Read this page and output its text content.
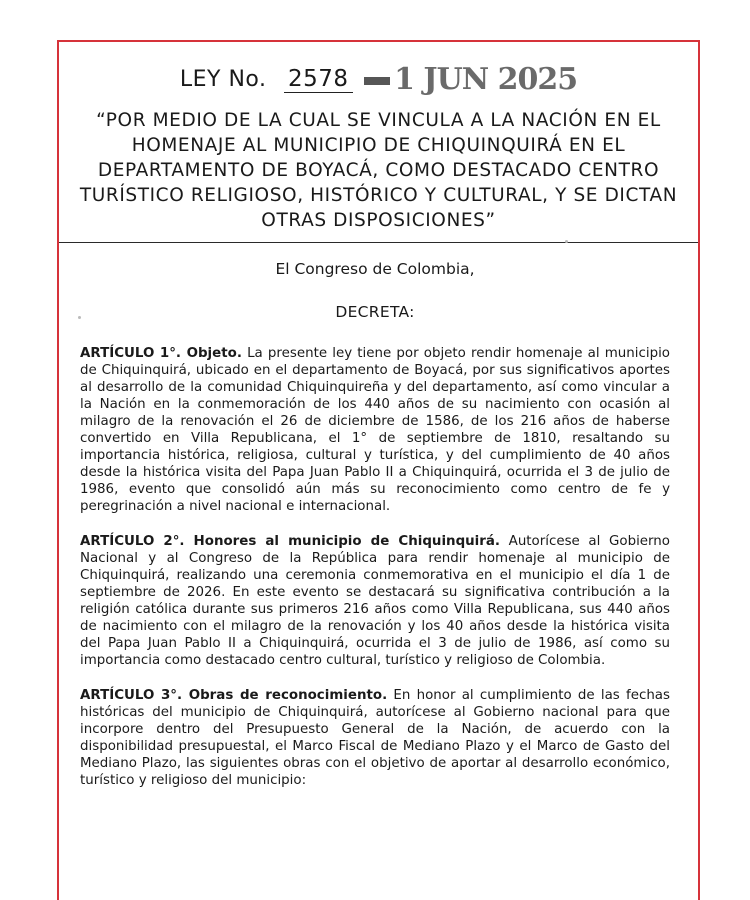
LEY No. 2578 1 JUN 2025
“POR MEDIO DE LA CUAL SE VINCULA A LA NACIÓN EN EL HOMENAJE AL MUNICIPIO DE CHIQUINQUIRÁ EN EL DEPARTAMENTO DE BOYACÁ, COMO DESTACADO CENTRO TURÍSTICO RELIGIOSO, HISTÓRICO Y CULTURAL, Y SE DICTAN OTRAS DISPOSICIONES”
El Congreso de Colombia,
DECRETA:

ARTÍCULO 1°. Objeto. La presente ley tiene por objeto rendir homenaje al municipio de Chiquinquirá, ubicado en el departamento de Boyacá, por sus significativos aportes al desarrollo de la comunidad Chiquinquireña y del departamento, así como vincular a la Nación en la conmemoración de los 440 años de su nacimiento con ocasión al milagro de la renovación el 26 de diciembre de 1586, de los 216 años de haberse convertido en Villa Republicana, el 1° de septiembre de 1810, resaltando su importancia histórica, religiosa, cultural y turística, y del cumplimiento de 40 años desde la histórica visita del Papa Juan Pablo II a Chiquinquirá, ocurrida el 3 de julio de 1986, evento que consolidó aún más su reconocimiento como centro de fe y peregrinación a nivel nacional e internacional.

ARTÍCULO 2°. Honores al municipio de Chiquinquirá. Autorícese al Gobierno Nacional y al Congreso de la República para rendir homenaje al municipio de Chiquinquirá, realizando una ceremonia conmemorativa en el municipio el día 1 de septiembre de 2026. En este evento se destacará su significativa contribución a la religión católica durante sus primeros 216 años como Villa Republicana, sus 440 años de nacimiento con el milagro de la renovación y los 40 años desde la histórica visita del Papa Juan Pablo II a Chiquinquirá, ocurrida el 3 de julio de 1986, así como su importancia como destacado centro cultural, turístico y religioso de Colombia.

ARTÍCULO 3°. Obras de reconocimiento. En honor al cumplimiento de las fechas históricas del municipio de Chiquinquirá, autorícese al Gobierno nacional para que incorpore dentro del Presupuesto General de la Nación, de acuerdo con la disponibilidad presupuestal, el Marco Fiscal de Mediano Plazo y el Marco de Gasto del Mediano Plazo, las siguientes obras con el objetivo de aportar al desarrollo económico, turístico y religioso del municipio:
